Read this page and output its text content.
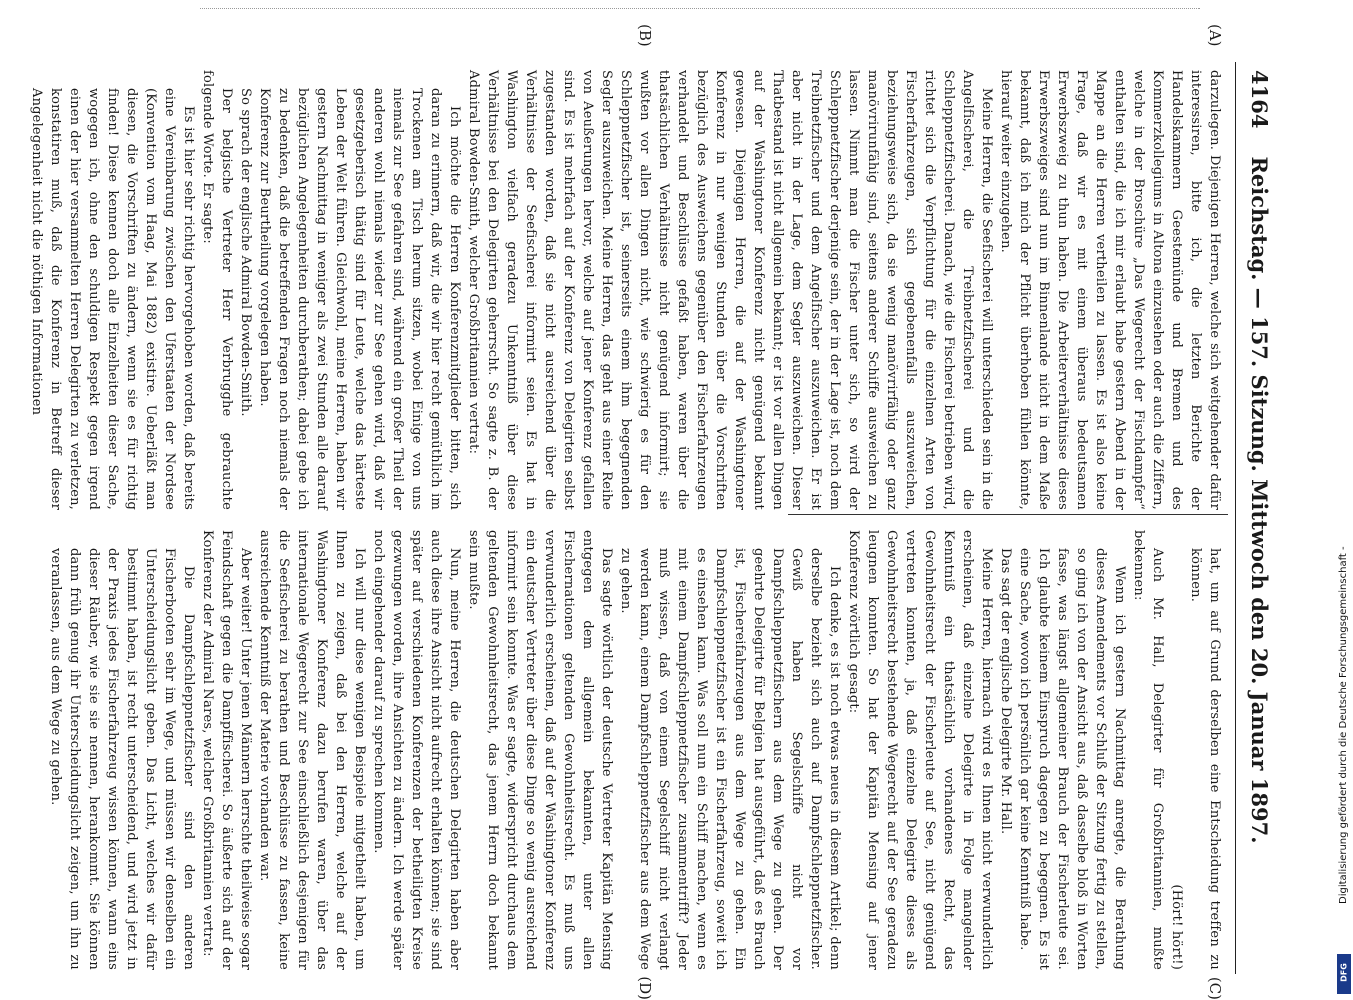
4164
Reichstag. — 157. Sitzung. Mittwoch den 20. Januar 1897.
(A)
(B)
(C)
(D)

darzulegen. Diejenigen Herren, welche sich weitgehender dafür interessiren, bitte ich, die letzten Berichte der Handelskammern Geestemünde und Bremen und des Kommerzkollegiums in Altona einzusehen oder auch die Ziffern, welche in der Broschüre „Das Wegerecht der Fischdampfer“ enthalten sind, die ich mir erlaubt habe gestern Abend in der Mappe an die Herren vertheilen zu lassen. Es ist also keine Frage, daß wir es mit einem überaus bedeutsamen Erwerbszweig zu thun haben. Die Arbeiterverhältnisse dieses Erwerbszweiges sind nun im Binnenlande nicht in dem Maße bekannt, daß ich mich der Pflicht überhoben fühlen könnte, hierauf weiter einzugehen.

Meine Herren, die Seefischerei will unterschieden sein in die Angelfischerei, die Treibnetzfischerei und die Schleppnetzfischerei. Danach, wie die Fischerei betrieben wird, richtet sich die Verpflichtung für die einzelnen Arten von Fischerfahrzeugen, sich gegebenenfalls auszuweichen, beziehungsweise sich, da sie wenig manövrirfähig oder ganz manövrirunfähig sind, seitens anderer Schiffe ausweichen zu lassen. Nimmt man die Fischer unter sich, so wird der Schleppnetzfischer derjenige sein, der in der Lage ist, noch dem Treibnetzfischer und dem Angelfischer auszuweichen. Er ist aber nicht in der Lage, dem Segler auszuweichen. Dieser Thatbestand ist nicht allgemein bekannt; er ist vor allen Dingen auf der Washingtoner Konferenz nicht genügend bekannt gewesen. Diejenigen Herren, die auf der Washingtoner Konferenz in nur wenigen Stunden über die Vorschriften bezüglich des Ausweichens gegenüber den Fischerfahrzeugen verhandelt und Beschlüsse gefaßt haben, waren über die thatsächlichen Verhältnisse nicht genügend informirt; sie wußten vor allen Dingen nicht, wie schwierig es für den Schleppnetzfischer ist, seinerseits einem ihm begegnenden Segler auszuweichen. Meine Herren, das geht aus einer Reihe von Aeußerungen hervor, welche auf jener Konferenz gefallen sind. Es ist mehrfach auf der Konferenz von Delegirten selbst zugestanden worden, daß sie nicht ausreichend über die Verhältnisse der Seefischerei informirt seien. Es hat in Washington vielfach geradezu Unkenntniß über diese Verhältnisse bei den Delegirten geherrscht. So sagte z. B. der Admiral Bowden-Smith, welcher Großbritannien vertrat:

Ich möchte die Herren Konferenzmitglieder bitten, sich daran zu erinnern, daß wir, die wir hier recht gemüthlich im Trockenen am Tisch herum sitzen, wobei Einige von uns niemals zur See gefahren sind, während ein großer Theil der anderen wohl niemals wieder zur See gehen wird, daß wir gesetzgeberisch thätig sind für Leute, welche das härteste Leben der Welt führen. Gleichwohl, meine Herren, haben wir gestern Nachmittag in weniger als zwei Stunden alle darauf bezüglichen Angelegenheiten durchberathen; dabei gebe ich zu bedenken, daß die betreffenden Fragen noch niemals der Konferenz zur Beurtheilung vorgelegen haben.

So sprach der englische Admiral Bowden-Smith.

Der belgische Vertreter Herr Verbrugghe gebrauchte folgende Worte. Er sagte:

Es ist hier sehr richtig hervorgehoben worden, daß bereits eine Vereinbarung zwischen den Uferstaaten der Nordsee (Konvention vom Haag, Mai 1882) existire. Ueberläßt man diesen, die Vorschriften zu ändern, wenn sie es für richtig finden! Diese kennen doch alle Einzelheiten dieser Sache, wogegen ich, ohne den schuldigen Respekt gegen irgend einen der hier versammelten Herren Delegirten zu verletzen, konstatiren muß, daß die Konferenz in Betreff dieser Angelegenheit nicht die nöthigen Informationen

hat, um auf Grund derselben eine Entscheidung treffen zu können.

(Hört! hört!)

Auch Mr. Hall, Delegirter für Großbritannien, mußte bekennen:

Wenn ich gestern Nachmittag anregte, die Berathung dieses Amendements vor Schluß der Sitzung fertig zu stellen, so ging ich von der Ansicht aus, daß dasselbe bloß in Worten fasse, was längst allgemeiner Brauch der Fischerleute sei. Ich glaubte keinem Einspruch dagegen zu begegnen. Es ist eine Sache, wovon ich persönlich gar keine Kenntniß habe.

Das sagt der englische Delegirte Mr. Hall.

Meine Herren, hiernach wird es Ihnen nicht verwunderlich erscheinen, daß einzelne Delegirte in Folge mangelnder Kenntniß ein thatsächlich vorhandenes Recht, das Gewohnheitsrecht der Fischerleute auf See, nicht genügend vertreten konnten, ja, daß einzelne Delegirte dieses als Gewohnheitsrecht bestehende Wegerecht auf der See geradezu leugnen konnten. So hat der Kapitän Mensing auf jener Konferenz wörtlich gesagt:

Ich denke, es ist noch etwas neues in diesem Artikel; denn derselbe bezieht sich auch auf Dampfschleppnetzfischer. Gewiß haben Segelschiffe nicht vor Dampfschleppnetzfischern aus dem Wege zu gehen. Der geehrte Delegirte für Belgien hat ausgeführt, daß es Brauch ist, Fischereifahrzeugen aus dem Wege zu gehen. Ein Dampfschleppnetzfischer ist ein Fischerfahrzeug, soweit ich es einsehen kann. Was soll nun ein Schiff machen, wenn es mit einem Dampfschleppnetzfischer zusammentrifft? Jeder muß wissen, daß von einem Segelschiff nicht verlangt werden kann, einem Dampfschleppnetzfischer aus dem Wege zu gehen.

Das sagte wörtlich der deutsche Vertreter Kapitän Mensing entgegen dem allgemein bekannten, unter allen Fischernationen geltenden Gewohnheitsrecht. Es muß uns verwunderlich erscheinen, daß auf der Washingtoner Konferenz ein deutscher Vertreter über diese Dinge so wenig ausreichend informirt sein konnte. Was er sagte, widerspricht durchaus dem geltenden Gewohnheitsrecht, das jenem Herrn doch bekannt sein mußte.

Nun, meine Herren, die deutschen Delegirten haben aber auch diese ihre Ansicht nicht aufrecht erhalten können; sie sind später auf verschiedenen Konferenzen der betheiligten Kreise gezwungen worden, ihre Ansichten zu ändern. Ich werde später noch eingehender darauf zu sprechen kommen.

Ich will nur diese wenigen Beispiele mitgetheilt haben, um Ihnen zu zeigen, daß bei den Herren, welche auf der Washingtoner Konferenz dazu berufen waren, über das internationale Wegerecht zur See einschließlich desjenigen für die Seefischerei zu berathen und Beschlüsse zu fassen, keine ausreichende Kenntniß der Materie vorhanden war.

Aber weiter! Unter jenen Männern herrschte theilweise sogar Feindschaft gegen die Dampffischerei. So äußerte sich auf der Konferenz der Admiral Nares, welcher Großbritannien vertrat:

Die Dampfschleppnetzfischer sind den anderen Fischerbooten sehr im Wege, und müssen wir denselben ein Unterscheidungslicht geben. Das Licht, welches wir dafür bestimmt haben, ist recht unterscheidend, und wird jetzt in der Praxis jedes Fischerfahrzeug wissen können, wann eins dieser Räuber, wie sie sie nennen, herankommt. Sie können dann früh genug ihr Unterscheidungslicht zeigen, um ihn zu veranlassen, aus dem Wege zu gehen.	Digitalisierung gefördert durch die Deutsche Forschungsgemeinschaft -
DFG
